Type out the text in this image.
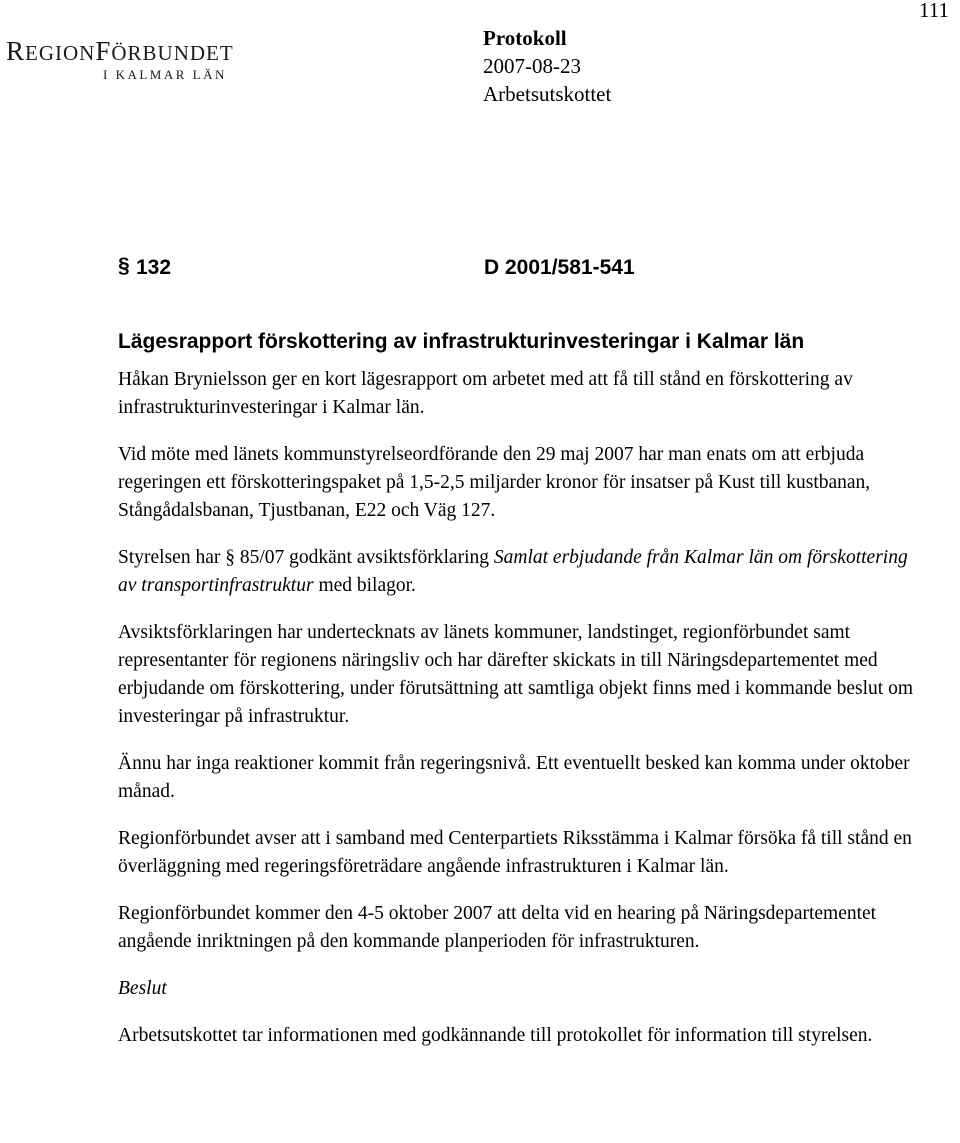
111
REGIONFÖRBUNDET
I KALMAR LÄN
Protokoll
2007-08-23
Arbetsutskottet
§ 132	D 2001/581-541
Lägesrapport förskottering av infrastrukturinvesteringar i Kalmar län

Håkan Brynielsson ger en kort lägesrapport om arbetet med att få till stånd en förskottering av infrastrukturinvesteringar i Kalmar län.

Vid möte med länets kommunstyrelseordförande den 29 maj 2007 har man enats om att erbjuda regeringen ett förskotteringspaket på 1,5-2,5 miljarder kronor för insatser på Kust till kustbanan, Stångådalsbanan, Tjustbanan, E22 och Väg 127.

Styrelsen har § 85/07 godkänt avsiktsförklaring Samlat erbjudande från Kalmar län om förskottering av transportinfrastruktur med bilagor.

Avsiktsförklaringen har undertecknats av länets kommuner, landstinget, regionförbundet samt representanter för regionens näringsliv och har därefter skickats in till Näringsdepartementet med erbjudande om förskottering, under förutsättning att samtliga objekt finns med i kommande beslut om investeringar på infrastruktur.

Ännu har inga reaktioner kommit från regeringsnivå. Ett eventuellt besked kan komma under oktober månad.

Regionförbundet avser att i samband med Centerpartiets Riksstämma i Kalmar försöka få till stånd en överläggning med regeringsföreträdare angående infrastrukturen i Kalmar län.

Regionförbundet kommer den 4-5 oktober 2007 att delta vid en hearing på Näringsdepartementet angående inriktningen på den kommande planperioden för infrastrukturen.

Beslut

Arbetsutskottet tar informationen med godkännande till protokollet för information till styrelsen.
